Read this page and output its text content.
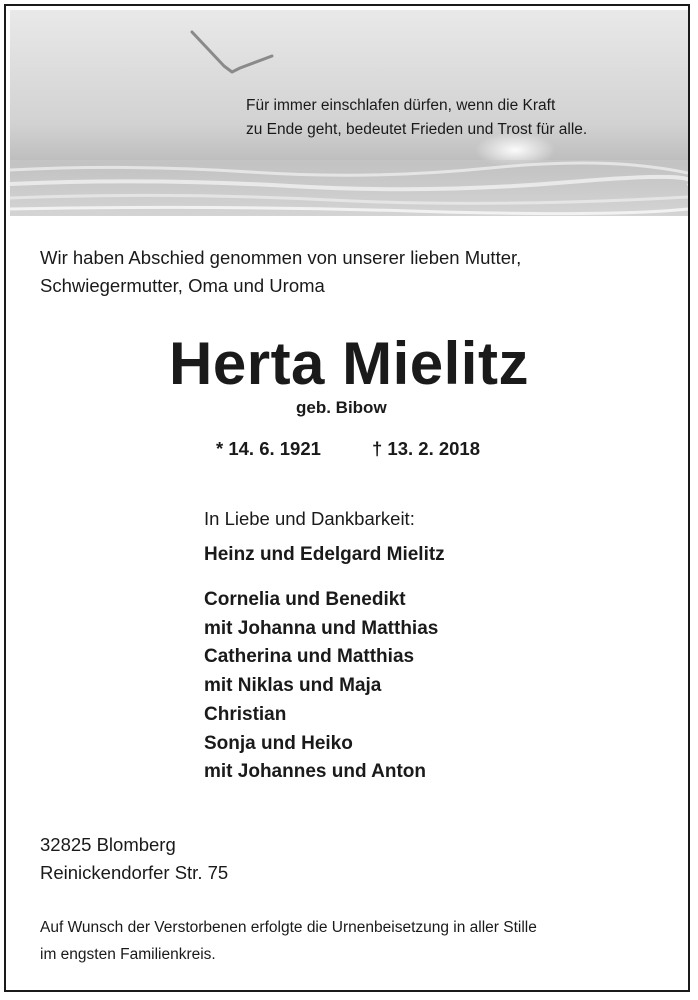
Für immer einschlafen dürfen, wenn die Kraft
zu Ende geht, bedeutet Frieden und Trost für alle.
Wir haben Abschied genommen von unserer lieben Mutter,
Schwiegermutter, Oma und Uroma
Herta Mielitz
geb. Bibow
* 14. 6. 1921	† 13. 2. 2018
In Liebe und Dankbarkeit:
Heinz und Edelgard Mielitz
Cornelia und Benedikt
mit Johanna und Matthias
Catherina und Matthias
mit Niklas und Maja
Christian
Sonja und Heiko
mit Johannes und Anton
32825 Blomberg
Reinickendorfer Str. 75
Auf Wunsch der Verstorbenen erfolgte die Urnenbeisetzung in aller Stille
im engsten Familienkreis.
